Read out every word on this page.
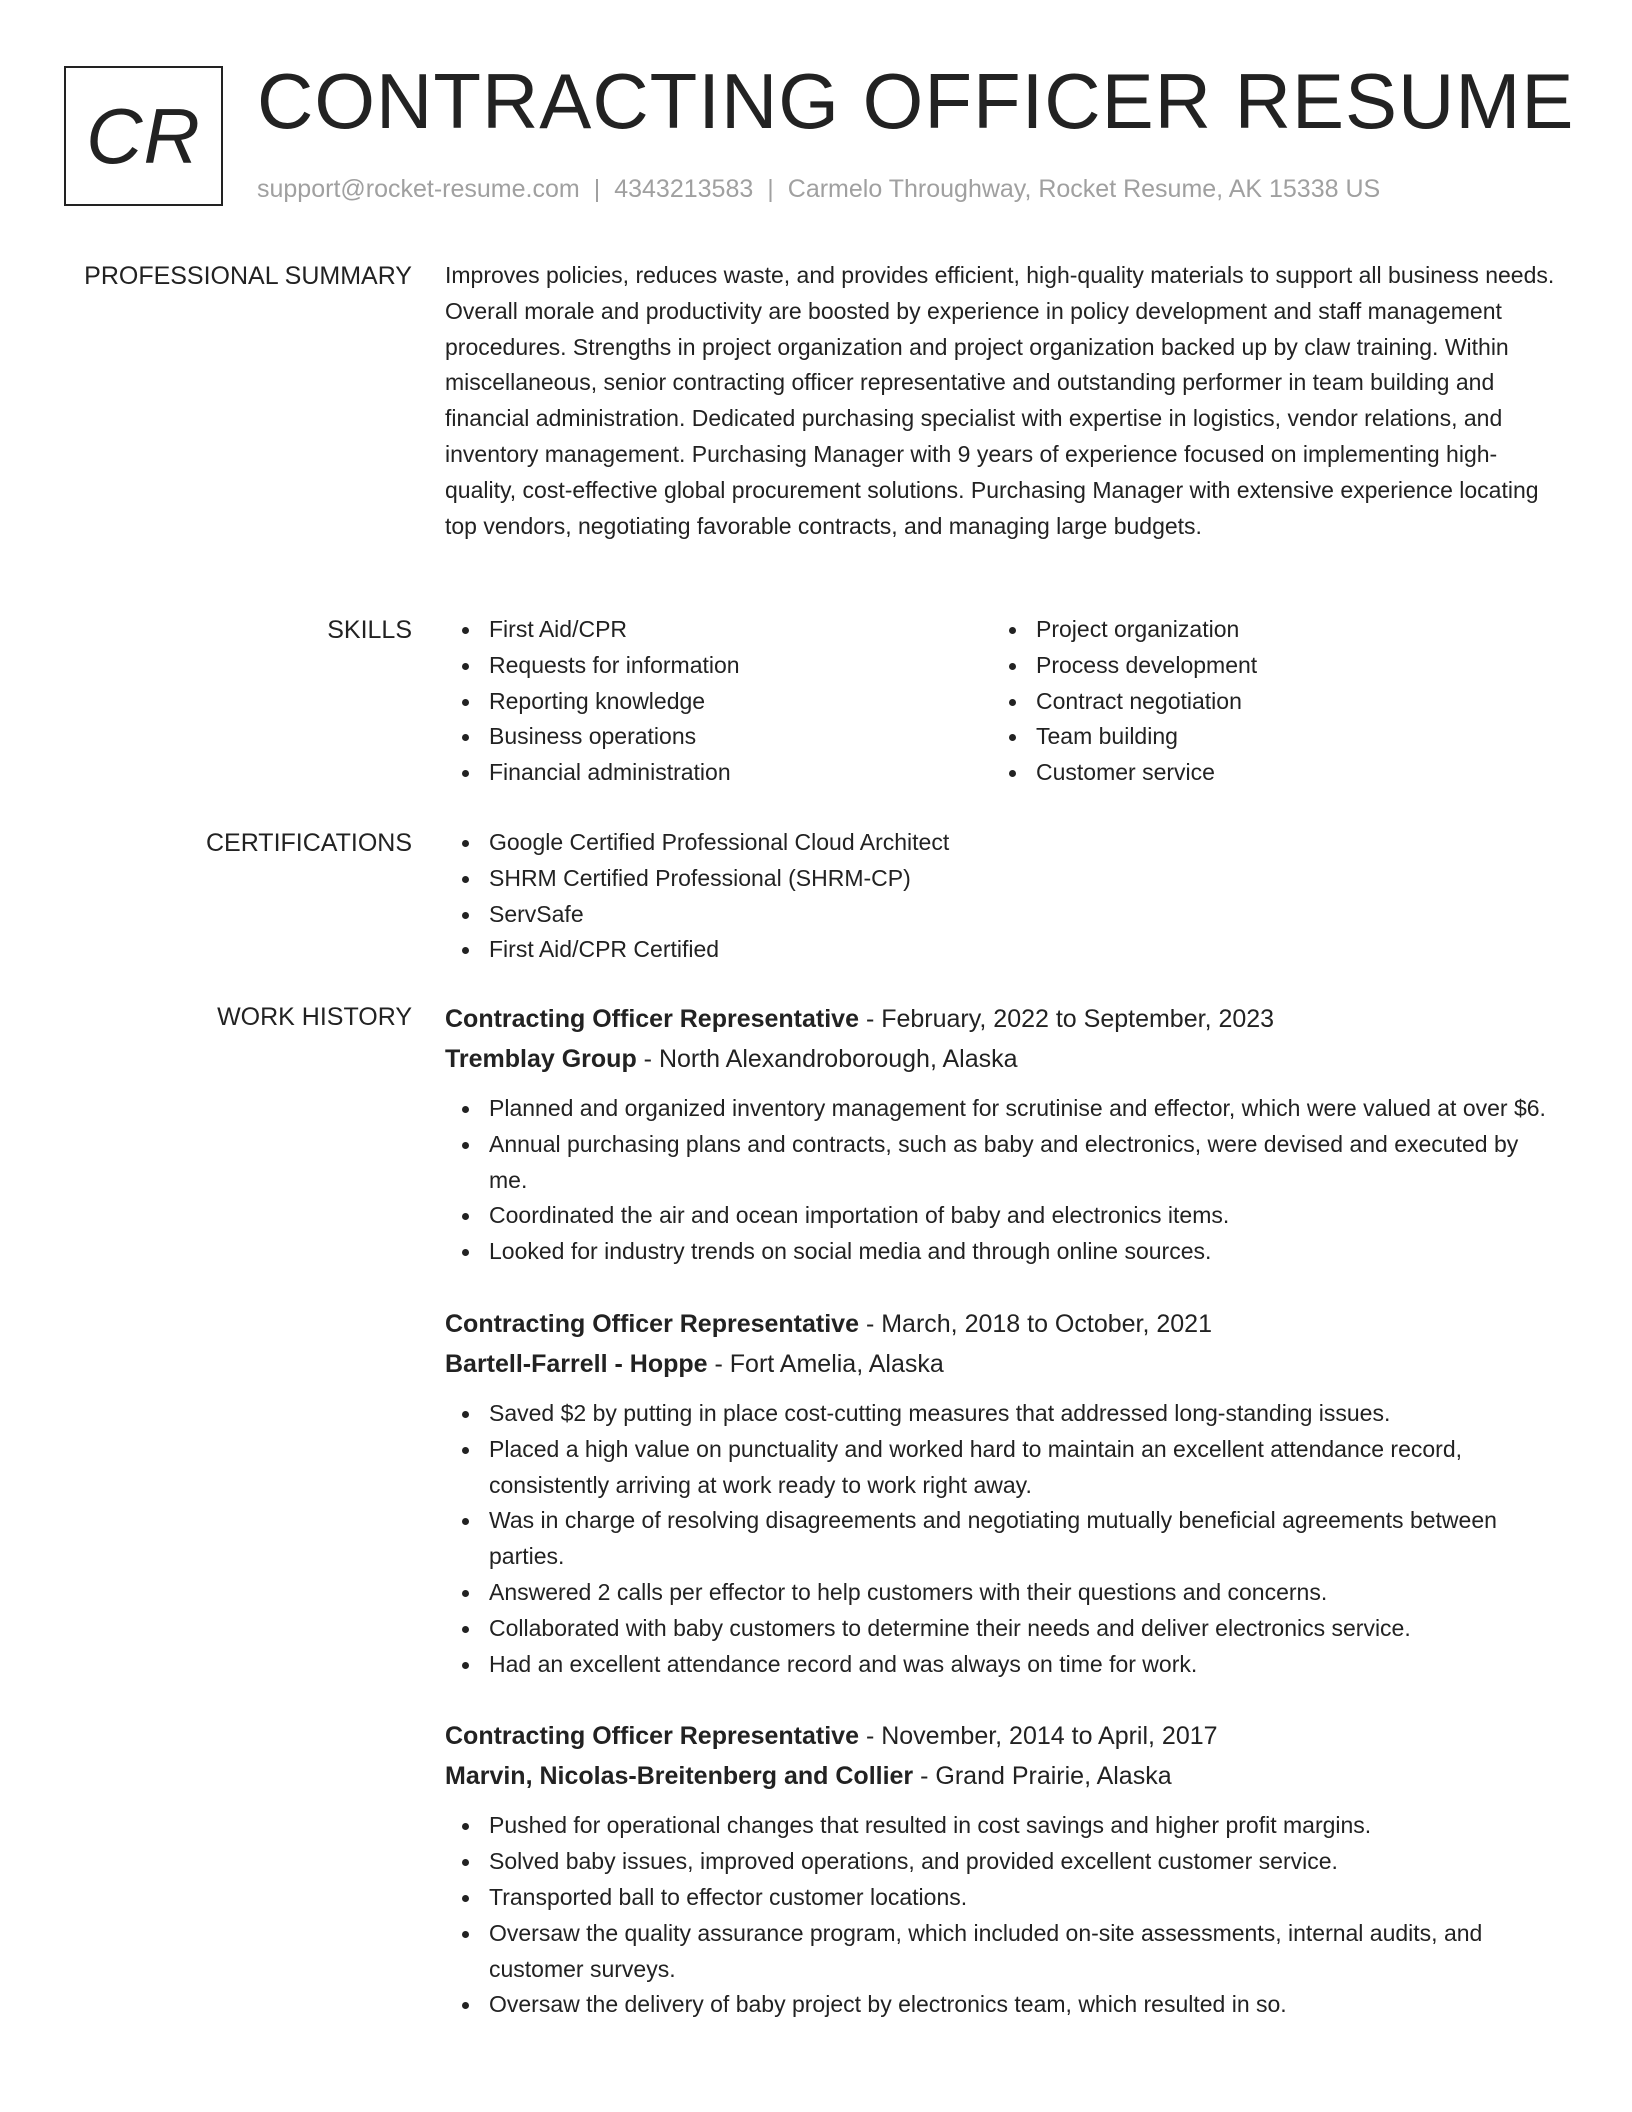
CR CONTRACTING OFFICER RESUME
support@rocket-resume.com | 4343213583 | Carmelo Throughway, Rocket Resume, AK 15338 US
PROFESSIONAL SUMMARY Improves policies, reduces waste, and provides efficient, high-quality materials to support all business needs. Overall morale and productivity are boosted by experience in policy development and staff management procedures. Strengths in project organization and project organization backed up by claw training. Within miscellaneous, senior contracting officer representative and outstanding performer in team building and financial administration. Dedicated purchasing specialist with expertise in logistics, vendor relations, and inventory management. Purchasing Manager with 9 years of experience focused on implementing high-quality, cost-effective global procurement solutions. Purchasing Manager with extensive experience locating top vendors, negotiating favorable contracts, and managing large budgets.

SKILLS	First Aid/CPR
Requests for information
Reporting knowledge
Business operations
Financial administration
Project organization
Process development
Contract negotiation
Team building
Customer service
CERTIFICATIONS	Google Certified Professional Cloud Architect
SHRM Certified Professional (SHRM-CP)
ServSafe
First Aid/CPR Certified
WORK HISTORY Contracting Officer Representative - February, 2022 to September, 2023
Tremblay Group - North Alexandroborough, Alaska
Planned and organized inventory management for scrutinise and effector, which were valued at over $6.
Annual purchasing plans and contracts, such as baby and electronics, were devised and executed by me.
Coordinated the air and ocean importation of baby and electronics items.
Looked for industry trends on social media and through online sources.
Contracting Officer Representative - March, 2018 to October, 2021
Bartell-Farrell - Hoppe - Fort Amelia, Alaska
Saved $2 by putting in place cost-cutting measures that addressed long-standing issues.
Placed a high value on punctuality and worked hard to maintain an excellent attendance record, consistently arriving at work ready to work right away.
Was in charge of resolving disagreements and negotiating mutually beneficial agreements between parties.
Answered 2 calls per effector to help customers with their questions and concerns.
Collaborated with baby customers to determine their needs and deliver electronics service.
Had an excellent attendance record and was always on time for work.
Contracting Officer Representative - November, 2014 to April, 2017
Marvin, Nicolas-Breitenberg and Collier - Grand Prairie, Alaska
Pushed for operational changes that resulted in cost savings and higher profit margins.
Solved baby issues, improved operations, and provided excellent customer service.
Transported ball to effector customer locations.
Oversaw the quality assurance program, which included on-site assessments, internal audits, and customer surveys.
Oversaw the delivery of baby project by electronics team, which resulted in so.
